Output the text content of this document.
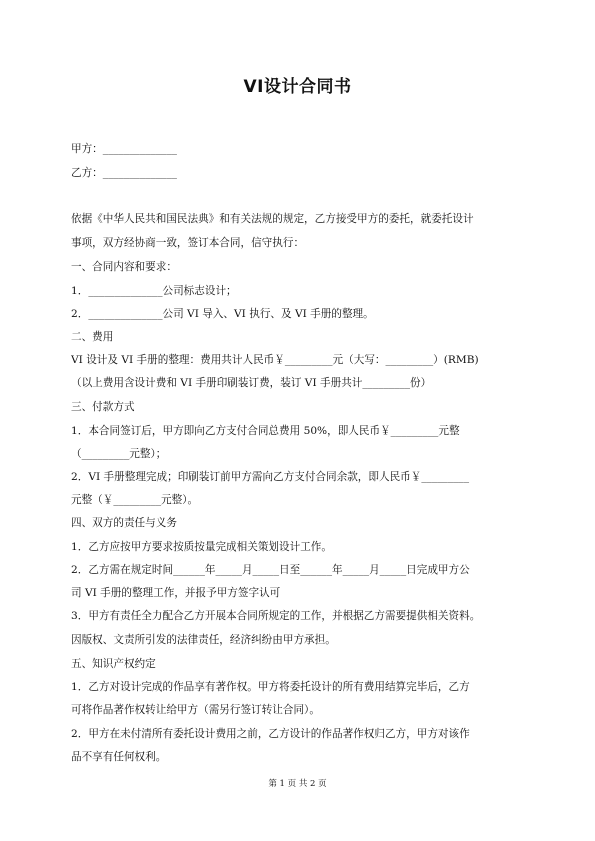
VI设计合同书
甲方：______________
乙方：______________
依据《中华人民共和国民法典》和有关法规的规定，乙方接受甲方的委托，就委托设计
事项，双方经协商一致，签订本合同，信守执行：
一、合同内容和要求：
1．______________公司标志设计；
2．______________公司 VI 导入、VI 执行、及 VI 手册的整理。
二、费用
VI 设计及 VI 手册的整理：费用共计人民币￥_________元（大写：_________）(RMB)
（以上费用含设计费和 VI 手册印刷装订费，装订 VI 手册共计_________份）
三、付款方式
1．本合同签订后，甲方即向乙方支付合同总费用 50%，即人民币￥_________元整
（_________元整）；
2．VI 手册整理完成；印刷装订前甲方需向乙方支付合同余款，即人民币￥_________
元整（￥_________元整）。
四、双方的责任与义务
1．乙方应按甲方要求按质按量完成相关策划设计工作。
2．乙方需在规定时间______年_____月_____日至______年_____月_____日完成甲方公
司 VI 手册的整理工作，并报予甲方签字认可
3．甲方有责任全力配合乙方开展本合同所规定的工作，并根据乙方需要提供相关资料。
因版权、文责所引发的法律责任，经济纠纷由甲方承担。
五、知识产权约定
1．乙方对设计完成的作品享有著作权。甲方将委托设计的所有费用结算完毕后，乙方
可将作品著作权转让给甲方（需另行签订转让合同）。
2．甲方在未付清所有委托设计费用之前，乙方设计的作品著作权归乙方，甲方对该作
品不享有任何权利。
第 1 页 共 2 页
